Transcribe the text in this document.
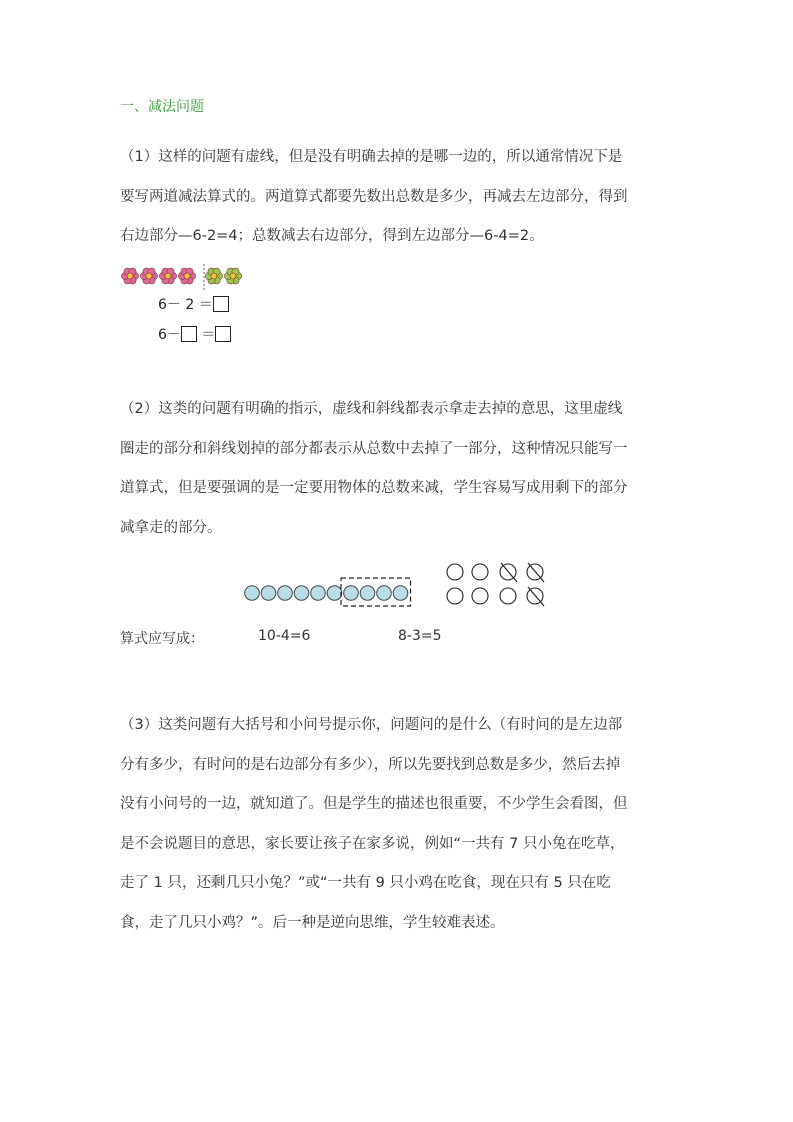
一、减法问题
（1）这样的问题有虚线，但是没有明确去掉的是哪一边的，所以通常情况下是
要写两道减法算式的。两道算式都要先数出总数是多少，再减去左边部分，得到
右边部分—6-2=4；总数减去右边部分，得到左边部分—6-4=2。
6－ 2 ＝
6－ ＝
（2）这类的问题有明确的指示，虚线和斜线都表示拿走去掉的意思，这里虚线
圈走的部分和斜线划掉的部分都表示从总数中去掉了一部分，这种情况只能写一
道算式，但是要强调的是一定要用物体的总数来减，学生容易写成用剩下的部分
减拿走的部分。
算式应写成：	10-4=6	8-3=5
（3）这类问题有大括号和小问号提示你，问题问的是什么（有时问的是左边部
分有多少，有时问的是右边部分有多少），所以先要找到总数是多少，然后去掉
没有小问号的一边，就知道了。但是学生的描述也很重要，不少学生会看图，但
是不会说题目的意思，家长要让孩子在家多说，例如“一共有 7 只小兔在吃草，
走了 1 只，还剩几只小兔？”或“一共有 9 只小鸡在吃食，现在只有 5 只在吃
食，走了几只小鸡？”。后一种是逆向思维，学生较难表述。
